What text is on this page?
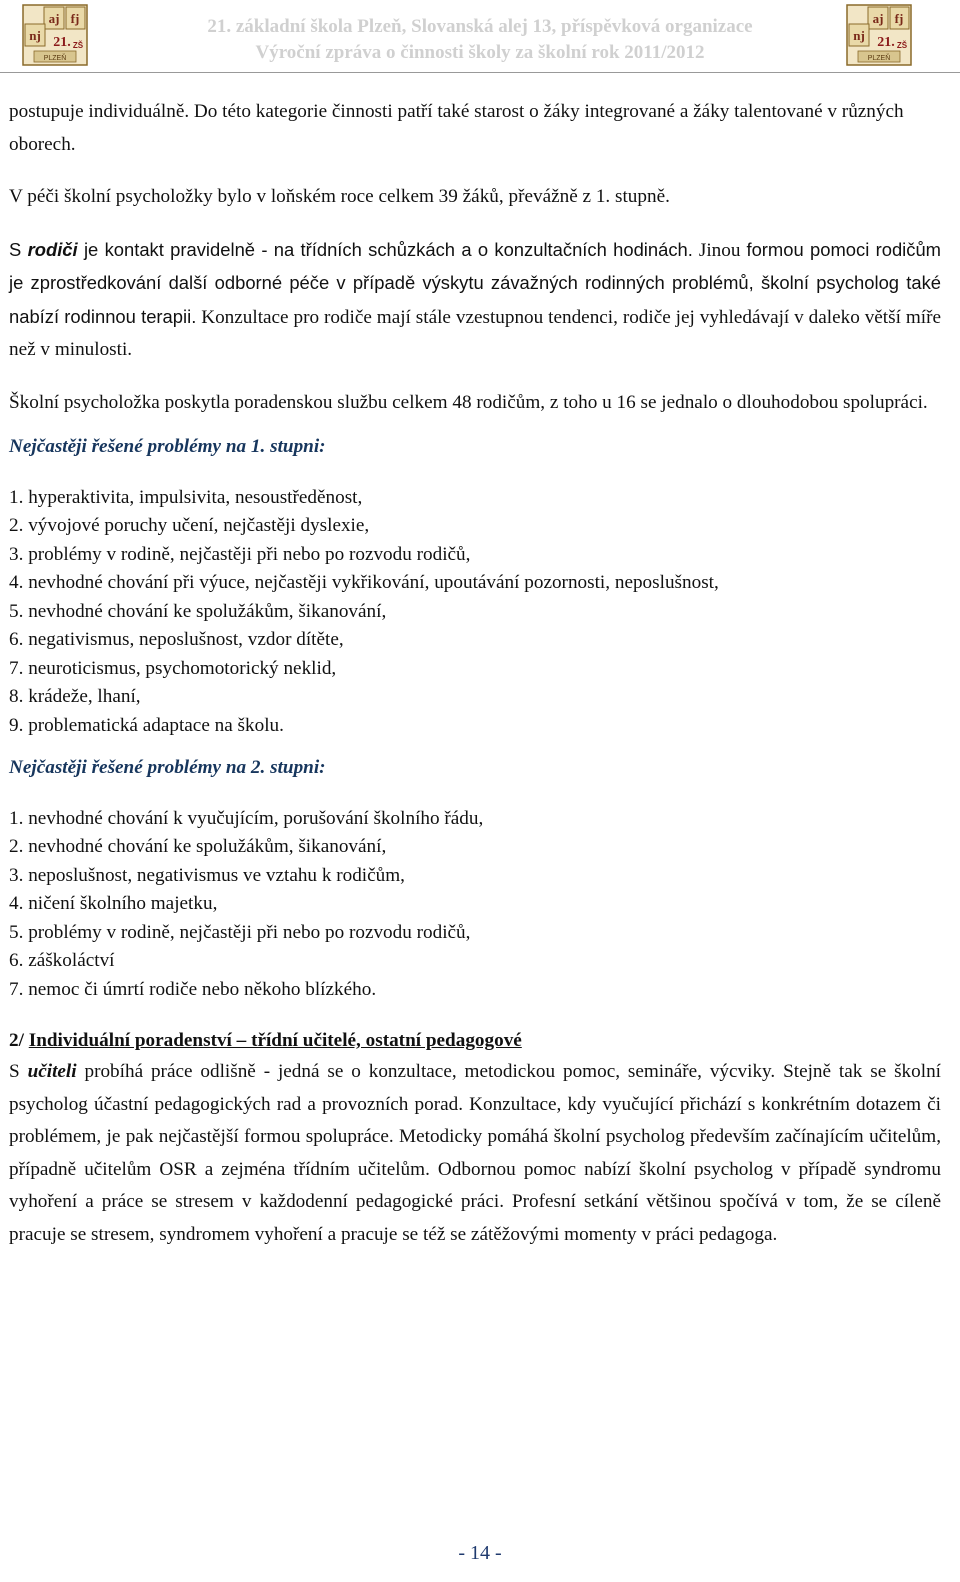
aj fj
nj 21. ZŠ
PLZEŇ
21. základní škola Plzeň, Slovanská alej 13, příspěvková organizace
Výroční zpráva o činnosti školy za školní rok 2011/2012
aj fj
nj 21. ZŠ
PLZEŇ

postupuje individuálně. Do této kategorie činnosti patří také starost o žáky integrované a žáky talentované v různých oborech.

V péči školní psycholožky bylo v loňském roce celkem 39 žáků, převážně z 1. stupně.

S rodiči je kontakt pravidelně - na třídních schůzkách a o konzultačních hodinách. Jinou formou pomoci rodičům je zprostředkování další odborné péče v případě výskytu závažných rodinných problémů, školní psycholog také nabízí rodinnou terapii. Konzultace pro rodiče mají stále vzestupnou tendenci, rodiče jej vyhledávají v daleko větší míře než v minulosti.

Školní psycholožka poskytla poradenskou službu celkem 48 rodičům, z toho u 16 se jednalo o dlouhodobou spolupráci.

Nejčastěji řešené problémy na 1. stupni:

1. hyperaktivita, impulsivita, nesoustředěnost,
2. vývojové poruchy učení, nejčastěji dyslexie,
3. problémy v rodině, nejčastěji při nebo po rozvodu rodičů,
4. nevhodné chování při výuce, nejčastěji vykřikování, upoutávání pozornosti, neposlušnost,
5. nevhodné chování ke spolužákům, šikanování,
6. negativismus, neposlušnost, vzdor dítěte,
7. neuroticismus, psychomotorický neklid,
8. krádeže, lhaní,
9. problematická adaptace na školu.

Nejčastěji řešené problémy na 2. stupni:

1. nevhodné chování k vyučujícím, porušování školního řádu,
2. nevhodné chování ke spolužákům, šikanování,
3. neposlušnost, negativismus ve vztahu k rodičům,
4. ničení školního majetku,
5. problémy v rodině, nejčastěji při nebo po rozvodu rodičů,
6. záškoláctví
7. nemoc či úmrtí rodiče nebo někoho blízkého.

2/ Individuální poradenství – třídní učitelé, ostatní pedagogové

S učiteli probíhá práce odlišně - jedná se o konzultace, metodickou pomoc, semináře, výcviky. Stejně tak se školní psycholog účastní pedagogických rad a provozních porad. Konzultace, kdy vyučující přichází s konkrétním dotazem či problémem, je pak nejčastější formou spolupráce. Metodicky pomáhá školní psycholog především začínajícím učitelům, případně učitelům OSR a zejména třídním učitelům. Odbornou pomoc nabízí školní psycholog v případě syndromu vyhoření a práce se stresem v každodenní pedagogické práci. Profesní setkání většinou spočívá v tom, že se cíleně pracuje se stresem, syndromem vyhoření a pracuje se též se zátěžovými momenty v práci pedagoga.

- 14 -
